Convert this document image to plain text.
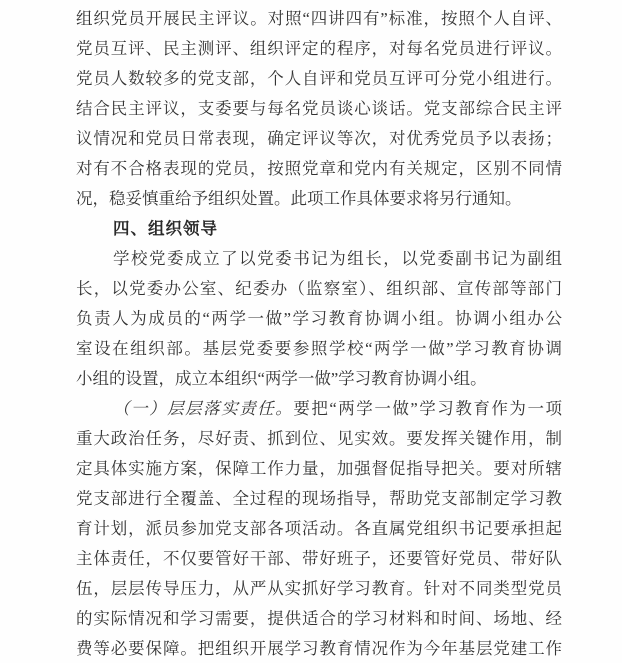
组织党员开展民主评议。对照“四讲四有”标准，按照个人自评、
党员互评、民主测评、组织评定的程序，对每名党员进行评议。
党员人数较多的党支部，个人自评和党员互评可分党小组进行。
结合民主评议，支委要与每名党员谈心谈话。党支部综合民主评
议情况和党员日常表现，确定评议等次，对优秀党员予以表扬；
对有不合格表现的党员，按照党章和党内有关规定，区别不同情
况，稳妥慎重给予组织处置。此项工作具体要求将另行通知。
四、组织领导
学校党委成立了以党委书记为组长，以党委副书记为副组
长，以党委办公室、纪委办（监察室）、组织部、宣传部等部门
负责人为成员的“两学一做”学习教育协调小组。协调小组办公
室设在组织部。基层党委要参照学校“两学一做”学习教育协调
小组的设置，成立本组织“两学一做”学习教育协调小组。
（一）层层落实责任。要把“两学一做”学习教育作为一项
重大政治任务，尽好责、抓到位、见实效。要发挥关键作用，制
定具体实施方案，保障工作力量，加强督促指导把关。要对所辖
党支部进行全覆盖、全过程的现场指导，帮助党支部制定学习教
育计划，派员参加党支部各项活动。各直属党组织书记要承担起
主体责任，不仅要管好干部、带好班子，还要管好党员、带好队
伍，层层传导压力，从严从实抓好学习教育。针对不同类型党员
的实际情况和学习需要，提供适合的学习材料和时间、场地、经
费等必要保障。把组织开展学习教育情况作为今年基层党建工作
